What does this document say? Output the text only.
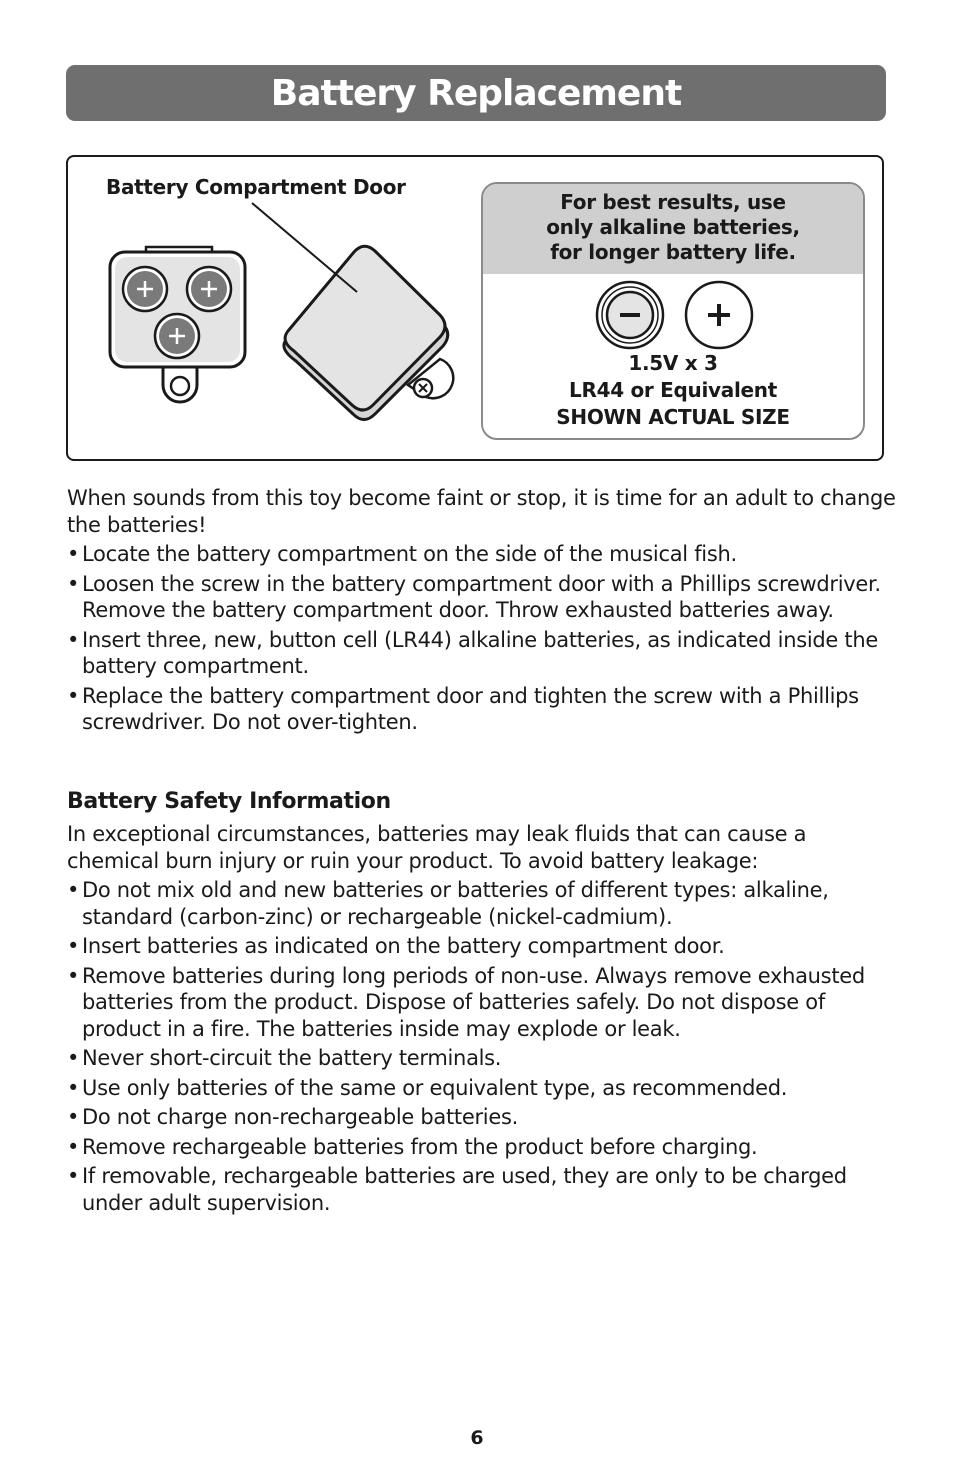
Battery Replacement
Battery Compartment Door
For best results, use
only alkaline batteries,
for longer battery life.
1.5V x 3
LR44 or Equivalent
SHOWN ACTUAL SIZE

When sounds from this toy become faint or stop, it is time for an adult to change the batteries!

• Locate the battery compartment on the side of the musical fish.
• Loosen the screw in the battery compartment door with a Phillips screwdriver. Remove the battery compartment door. Throw exhausted batteries away.
• Insert three, new, button cell (LR44) alkaline batteries, as indicated inside the battery compartment.
• Replace the battery compartment door and tighten the screw with a Phillips screwdriver. Do not over-tighten.
Battery Safety Information

In exceptional circumstances, batteries may leak fluids that can cause a chemical burn injury or ruin your product. To avoid battery leakage:

• Do not mix old and new batteries or batteries of different types: alkaline, standard (carbon-zinc) or rechargeable (nickel-cadmium).
• Insert batteries as indicated on the battery compartment door.
• Remove batteries during long periods of non-use. Always remove exhausted batteries from the product. Dispose of batteries safely. Do not dispose of product in a fire. The batteries inside may explode or leak.
• Never short-circuit the battery terminals.
• Use only batteries of the same or equivalent type, as recommended.
• Do not charge non-rechargeable batteries.
• Remove rechargeable batteries from the product before charging.
• If removable, rechargeable batteries are used, they are only to be charged under adult supervision.
6
